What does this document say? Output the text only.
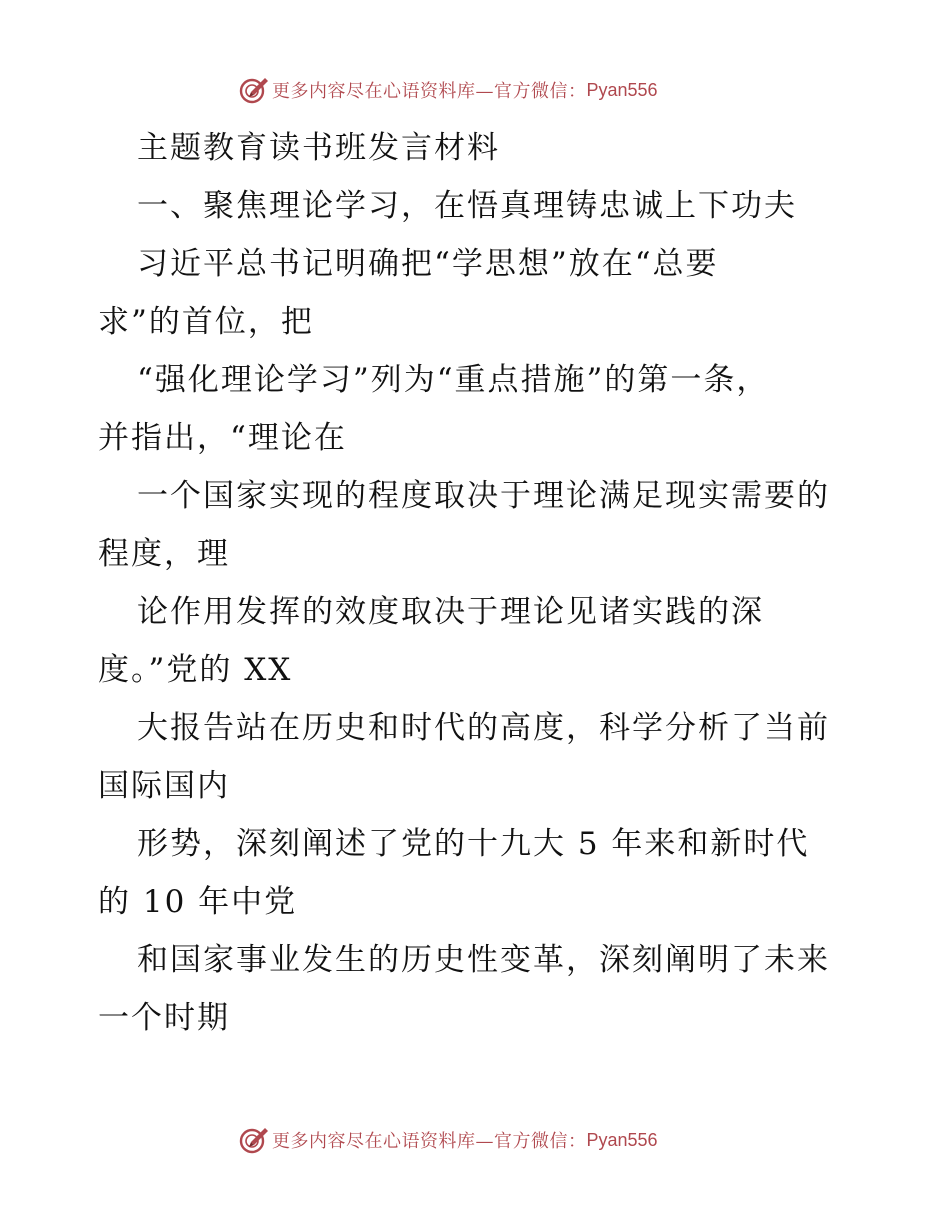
更多内容尽在心语资料库—官方微信： Pyan556

主题教育读书班发言材料

一、聚焦理论学习，在悟真理铸忠诚上下功夫

习近平总书记明确把“学思想”放在“总要

求”的首位，把

“强化理论学习”列为“重点措施”的第一条，

并指出，“理论在

一个国家实现的程度取决于理论满足现实需要的

程度，理

论作用发挥的效度取决于理论见诸实践的深

度。”党的 XX

大报告站在历史和时代的高度，科学分析了当前

国际国内

形势，深刻阐述了党的十九大 5 年来和新时代

的 10 年中党

和国家事业发生的历史性变革，深刻阐明了未来

一个时期

更多内容尽在心语资料库—官方微信： Pyan556
